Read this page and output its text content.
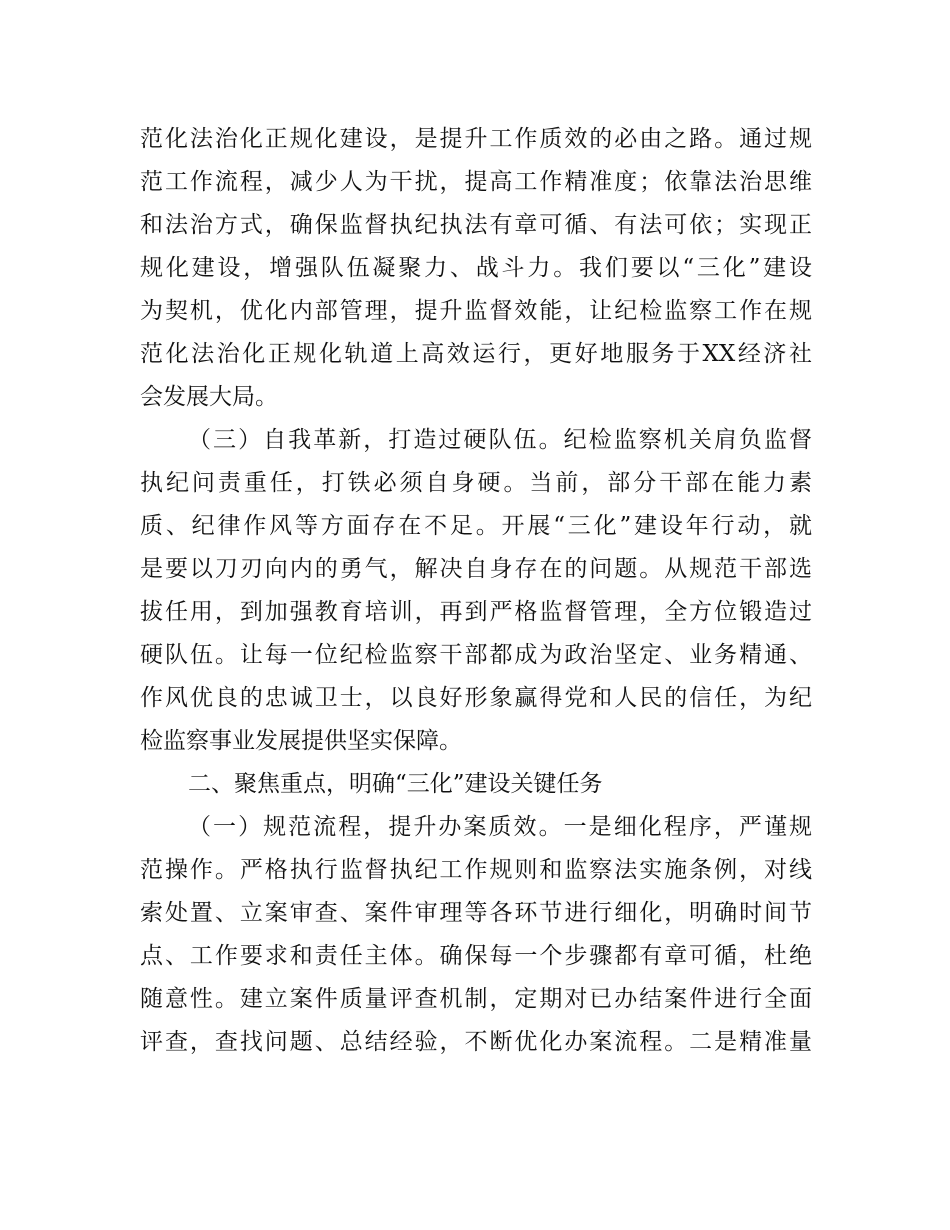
范化法治化正规化建设，是提升工作质效的必由之路。通过规
范工作流程，减少人为干扰，提高工作精准度；依靠法治思维
和法治方式，确保监督执纪执法有章可循、有法可依；实现正
规化建设，增强队伍凝聚力、战斗力。我们要以“三化”建设
为契机，优化内部管理，提升监督效能，让纪检监察工作在规
范化法治化正规化轨道上高效运行，更好地服务于XX经济社
会发展大局。
（三）自我革新，打造过硬队伍。纪检监察机关肩负监督
执纪问责重任，打铁必须自身硬。当前，部分干部在能力素
质、纪律作风等方面存在不足。开展“三化”建设年行动，就
是要以刀刃向内的勇气，解决自身存在的问题。从规范干部选
拔任用，到加强教育培训，再到严格监督管理，全方位锻造过
硬队伍。让每一位纪检监察干部都成为政治坚定、业务精通、
作风优良的忠诚卫士，以良好形象赢得党和人民的信任，为纪
检监察事业发展提供坚实保障。
二、聚焦重点，明确“三化”建设关键任务
（一）规范流程，提升办案质效。一是细化程序，严谨规
范操作。严格执行监督执纪工作规则和监察法实施条例，对线
索处置、立案审查、案件审理等各环节进行细化，明确时间节
点、工作要求和责任主体。确保每一个步骤都有章可循，杜绝
随意性。建立案件质量评查机制，定期对已办结案件进行全面
评查，查找问题、总结经验，不断优化办案流程。二是精准量
